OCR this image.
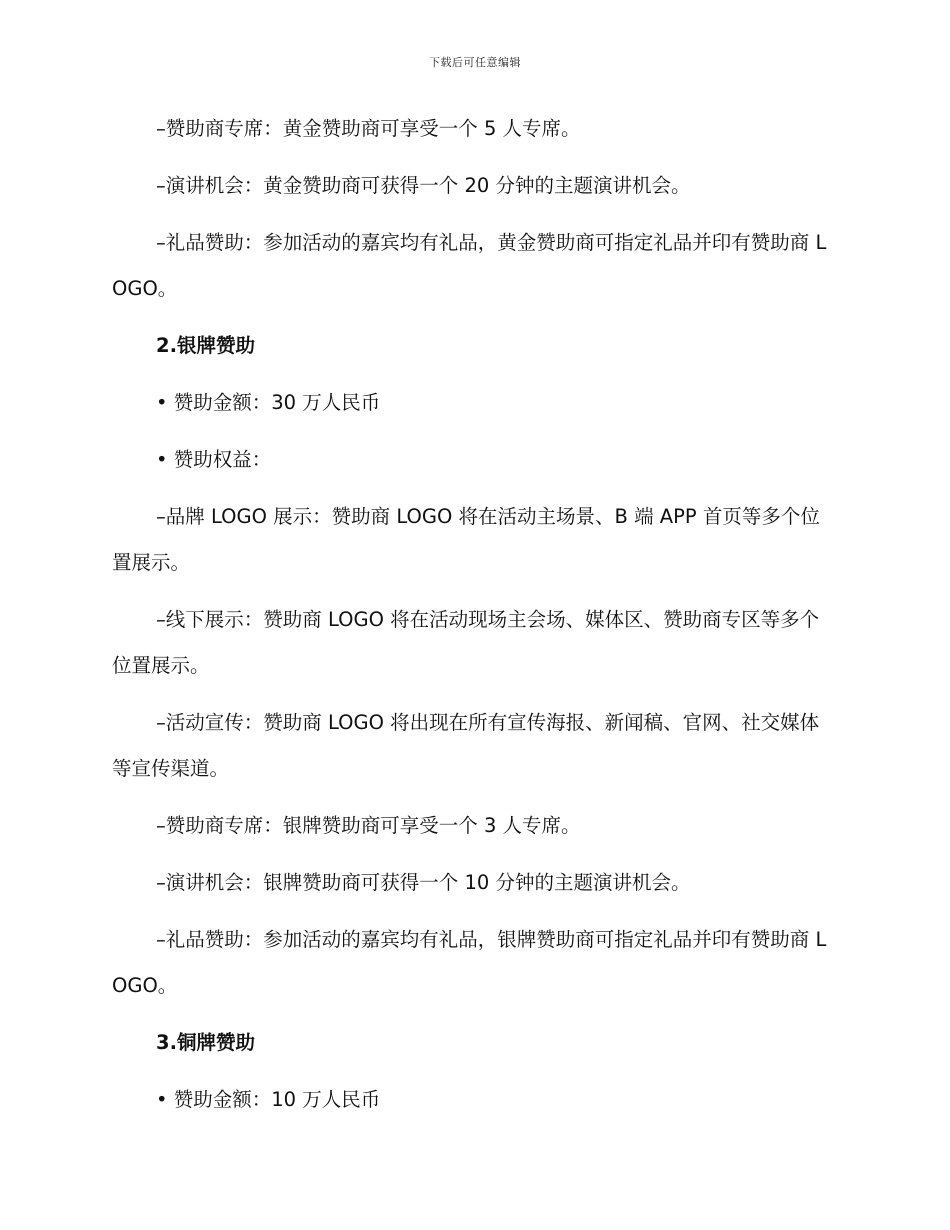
下载后可任意编辑

–赞助商专席：黄金赞助商可享受一个 5 人专席。

–演讲机会：黄金赞助商可获得一个 20 分钟的主题演讲机会。

–礼品赞助：参加活动的嘉宾均有礼品，黄金赞助商可指定礼品并印有赞助商 LOGO。

2.银牌赞助

• 赞助金额：30 万人民币

• 赞助权益：

–品牌 LOGO 展示：赞助商 LOGO 将在活动主场景、B 端 APP 首页等多个位置展示。

–线下展示：赞助商 LOGO 将在活动现场主会场、媒体区、赞助商专区等多个位置展示。

–活动宣传：赞助商 LOGO 将出现在所有宣传海报、新闻稿、官网、社交媒体等宣传渠道。

–赞助商专席：银牌赞助商可享受一个 3 人专席。

–演讲机会：银牌赞助商可获得一个 10 分钟的主题演讲机会。

–礼品赞助：参加活动的嘉宾均有礼品，银牌赞助商可指定礼品并印有赞助商 LOGO。

3.铜牌赞助

• 赞助金额：10 万人民币
